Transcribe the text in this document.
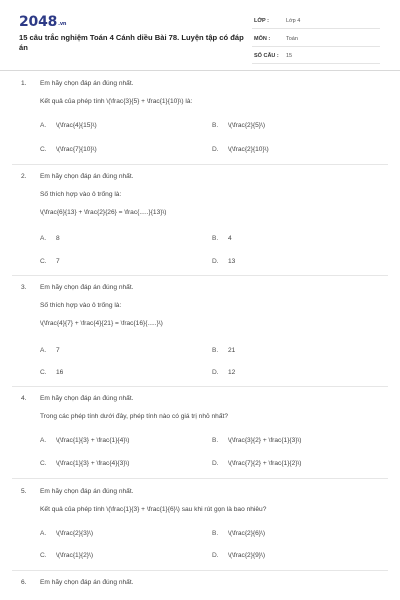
2048.vn
15 câu trắc nghiệm Toán 4 Cánh diều Bài 78. Luyện tập có đáp án
LỚP :	Lớp 4
MÔN :	Toán
SỐ CÂU : 15
1. Em hãy chọn đáp án đúng nhất.
Kết quả của phép tính \(\frac{3}{5} + \frac{1}{10}\) là:
A. \(\frac{4}{15}\)	B. \(\frac{2}{5}\)
C. \(\frac{7}{10}\)	D. \(\frac{2}{10}\)
2. Em hãy chọn đáp án đúng nhất.
Số thích hợp vào ô trống là:
\(\frac{6}{13} + \frac{2}{26} = \frac{.....}{13}\)
A. 8	B. 4
C. 7	D. 13
3. Em hãy chọn đáp án đúng nhất.
Số thích hợp vào ô trống là:
\(\frac{4}{7} + \frac{4}{21} = \frac{16}{.....}\)
A. 7	B. 21
C. 16	D. 12
4. Em hãy chọn đáp án đúng nhất.
Trong các phép tính dưới đây, phép tính nào có giá trị nhỏ nhất?
A. \(\frac{1}{3} + \frac{1}{4}\)	B. \(\frac{3}{2} + \frac{1}{3}\)
C. \(\frac{1}{3} + \frac{4}{3}\)	D. \(\frac{7}{2} + \frac{1}{2}\)
5. Em hãy chọn đáp án đúng nhất.
Kết quả của phép tính \(\frac{1}{3} + \frac{1}{6}\) sau khi rút gọn là bao nhiêu?
A. \(\frac{2}{3}\)	B. \(\frac{2}{6}\)
C. \(\frac{1}{2}\)	D. \(\frac{2}{9}\)
6. Em hãy chọn đáp án đúng nhất.
